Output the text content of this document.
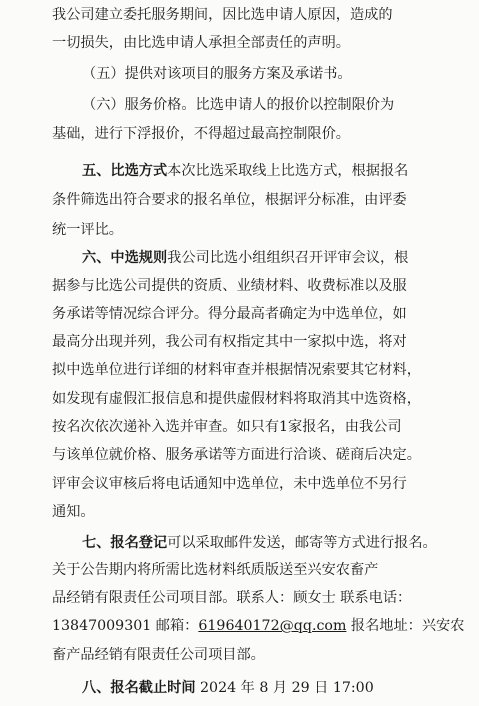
我公司建立委托服务期间，因比选申请人原因，造成的
一切损失，由比选申请人承担全部责任的声明。
（五）提供对该项目的服务方案及承诺书。
（六）服务价格。比选申请人的报价以控制限价为
基础，进行下浮报价，不得超过最高控制限价。
五、比选方式本次比选采取线上比选方式，根据报名
条件筛选出符合要求的报名单位，根据评分标准，由评委
统一评比。
六、中选规则我公司比选小组组织召开评审会议，根
据参与比选公司提供的资质、业绩材料、收费标准以及服
务承诺等情况综合评分。得分最高者确定为中选单位，如
最高分出现并列，我公司有权指定其中一家拟中选，将对
拟中选单位进行详细的材料审查并根据情况索要其它材料，
如发现有虚假汇报信息和提供虚假材料将取消其中选资格，
按名次依次递补入选并审查。如只有1家报名，由我公司
与该单位就价格、服务承诺等方面进行洽谈、磋商后决定。
评审会议审核后将电话通知中选单位，未中选单位不另行
通知。
七、报名登记可以采取邮件发送，邮寄等方式进行报名。
关于公告期内将所需比选材料纸质版送至兴安农畜产
品经销有限责任公司项目部。联系人：顾女士 联系电话：
13847009301 邮箱：619640172@qq.com 报名地址：兴安农
畜产品经销有限责任公司项目部。
八、报名截止时间 2024 年 8 月 29 日 17:00
